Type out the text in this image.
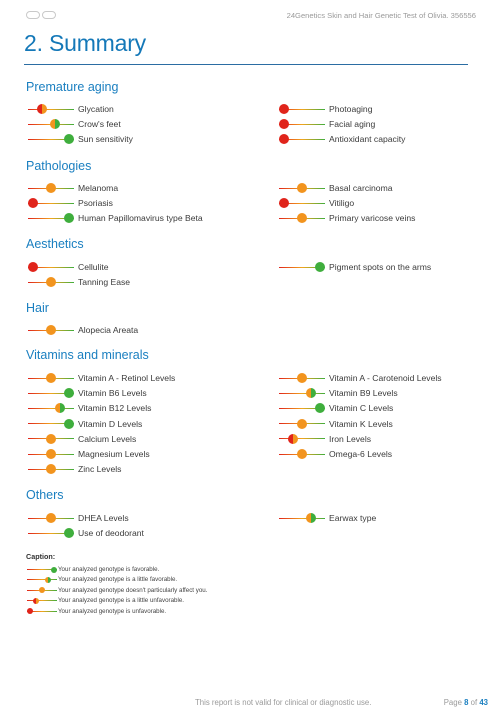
24Genetics Skin and Hair Genetic Test of Olivia. 356556
2. Summary
Premature aging
Glycation
Crow's feet
Sun sensitivity
Photoaging
Facial aging
Antioxidant capacity
Pathologies
Melanoma
Psoriasis
Human Papillomavirus type Beta
Basal carcinoma
Vitiligo
Primary varicose veins
Aesthetics
Cellulite
Tanning Ease
Pigment spots on the arms
Hair
Alopecia Areata
Vitamins and minerals
Vitamin A - Retinol Levels
Vitamin B6 Levels
Vitamin B12 Levels
Vitamin D Levels
Calcium Levels
Magnesium Levels
Zinc Levels
Vitamin A - Carotenoid Levels
Vitamin B9 Levels
Vitamin C Levels
Vitamin K Levels
Iron Levels
Omega-6 Levels
Others
DHEA Levels
Use of deodorant
Earwax type
Caption:
Your analyzed genotype is favorable.
Your analyzed genotype is a little favorable.
Your analyzed genotype doesn't particularly affect you.
Your analyzed genotype is a little unfavorable.
Your analyzed genotype is unfavorable.
This report is not valid for clinical or diagnostic use.	Page 8 of 43
